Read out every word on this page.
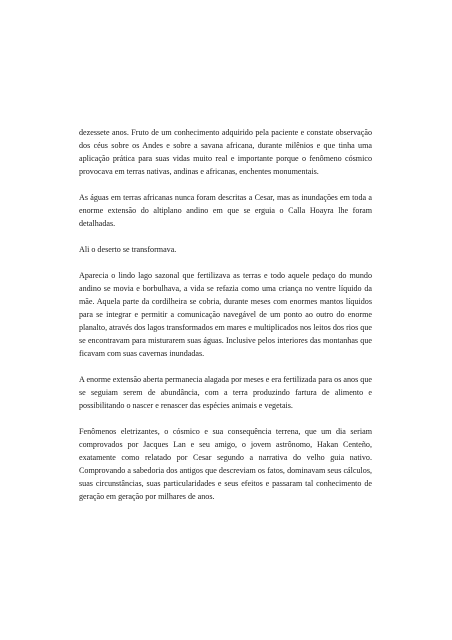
dezessete anos. Fruto de um conhecimento adquirido pela paciente e constate observação dos céus sobre os Andes e sobre a savana africana, durante milênios e que tinha uma aplicação prática para suas vidas muito real e importante porque o fenômeno cósmico provocava em terras nativas, andinas e africanas, enchentes monumentais.

As águas em terras africanas nunca foram descritas a Cesar, mas as inundações em toda a enorme extensão do altiplano andino em que se erguia o Calla Hoayra lhe foram detalhadas.

Ali o deserto se transformava.

Aparecia o lindo lago sazonal que fertilizava as terras e todo aquele pedaço do mundo andino se movia e borbulhava, a vida se refazia como uma criança no ventre líquido da mãe. Aquela parte da cordilheira se cobria, durante meses com enormes mantos líquidos para se integrar e permitir a comunicação navegável de um ponto ao outro do enorme planalto, através dos lagos transformados em mares e multiplicados nos leitos dos rios que se encontravam para misturarem suas águas. Inclusive pelos interiores das montanhas que ficavam com suas cavernas inundadas.

A enorme extensão aberta permanecia alagada por meses e era fertilizada para os anos que se seguiam serem de abundância, com a terra produzindo fartura de alimento e possibilitando o nascer e renascer das espécies animais e vegetais.

Fenômenos eletrizantes, o cósmico e sua consequência terrena, que um dia seriam comprovados por Jacques Lan e seu amigo, o jovem astrônomo, Hakan Centeño, exatamente como relatado por Cesar segundo a narrativa do velho guia nativo. Comprovando a sabedoria dos antigos que descreviam os fatos, dominavam seus cálculos, suas circunstâncias, suas particularidades e seus efeitos e passaram tal conhecimento de geração em geração por milhares de anos.
